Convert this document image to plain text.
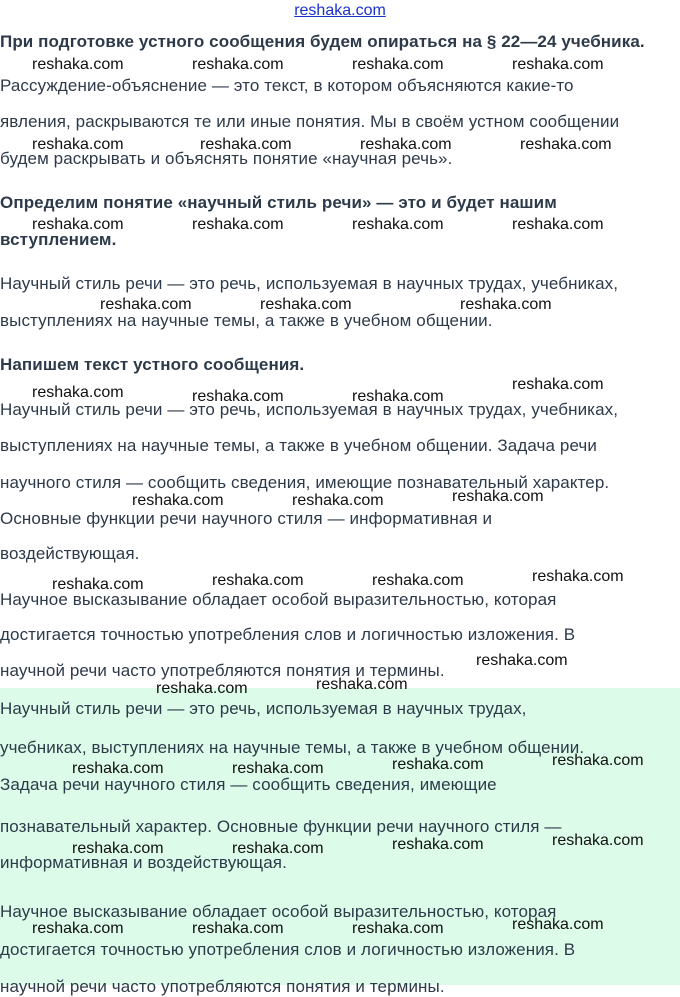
reshaka.com
При подготовке устного сообщения будем опираться на § 22—24 учебника.
Рассуждение-объяснение — это текст, в котором объясняются какие-то
явления, раскрываются те или иные понятия. Мы в своём устном сообщении
будем раскрывать и объяснять понятие «научная речь».
Определим понятие «научный стиль речи» — это и будет нашим
вступлением.
Научный стиль речи — это речь, используемая в научных трудах, учебниках,
выступлениях на научные темы, а также в учебном общении.
Напишем текст устного сообщения.
Научный стиль речи — это речь, используемая в научных трудах, учебниках,
выступлениях на научные темы, а также в учебном общении. Задача речи
научного стиля — сообщить сведения, имеющие познавательный характер.
Основные функции речи научного стиля — информативная и
воздействующая.
Научное высказывание обладает особой выразительностью, которая
достигается точностью употребления слов и логичностью изложения. В
научной речи часто употребляются понятия и термины.
Научный стиль речи — это речь, используемая в научных трудах,
учебниках, выступлениях на научные темы, а также в учебном общении.
Задача речи научного стиля — сообщить сведения, имеющие
познавательный характер. Основные функции речи научного стиля —
информативная и воздействующая.
Научное высказывание обладает особой выразительностью, которая
достигается точностью употребления слов и логичностью изложения. В
научной речи часто употребляются понятия и термины.
reshaka.com	reshaka.com	reshaka.com	reshaka.com
reshaka.com	reshaka.com	reshaka.com	reshaka.com
reshaka.com	reshaka.com	reshaka.com	reshaka.com
reshaka.com	reshaka.com	reshaka.com
reshaka.com	reshaka.com	reshaka.com
reshaka.com
reshaka.com	reshaka.com	reshaka.com
reshaka.com	reshaka.com	reshaka.com	reshaka.com
reshaka.com
reshaka.com	reshaka.com
reshaka.com	reshaka.com	reshaka.com	reshaka.com
reshaka.com	reshaka.com	reshaka.com	reshaka.com
reshaka.com	reshaka.com	reshaka.com	reshaka.com
